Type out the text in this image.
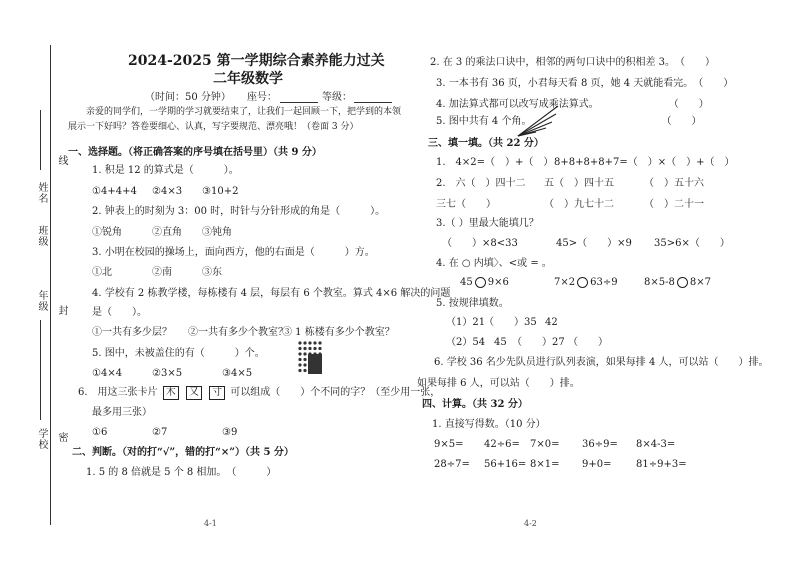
姓名
班级
年级
学校
线
封
密
2024-2025 第一学期综合素养能力过关
二年级数学
（时间：50 分钟） 座号：	等级：
亲爱的同学们，一学期的学习就要结束了，让我们一起回顾一下，把学到的本领
展示一下好吗？答卷要细心、认真，写字要规范、漂亮哦！（卷面 3 分）
一、选择题。（将正确答案的序号填在括号里）（共 9 分）
1. 积是 12 的算式是（　　　）。
①4+4+4 ②4×3 ③10+2
2. 钟表上的时刻为 3：00 时，时针与分针形成的角是（　　　）。
①锐角	②直角 ③钝角
3. 小明在校园的操场上，面向西方，他的右面是（　　　）方。
①北	②南	③东
4. 学校有 2 栋教学楼，每栋楼有 4 层，每层有 6 个教室。算式 4×6 解决的问题
是（　　）。
①一共有多少层？ ②一共有多少个教室？
③ 1 栋楼有多少个教室？
5. 图中，未被盖住的有（　　　）个。
①4×4	②3×5	③4×5
6.　用这三张卡片 木 又 寸 可以组成（　　）个不同的字？（至少用一张，
最多用三张）
①6	②7	③9
二、判断。（对的打“√”，错的打“×”）（共 5 分）
1. 5 的 8 倍就是 5 个 8 相加。　（　　　）
4-1
2. 在 3 的乘法口诀中，相邻的两句口诀中的积相差 3。　（　　）
3. 一本书有 36 页，小君每天看 8 页，她 4 天就能看完。　（　　）
4. 加法算式都可以改写成乘法算式。　　　　　　　　（　　）
5. 图中共有 4 个角。　　　　　　　　　　　　　　（　　）
三、填一填。（共 22 分）
1.　4×2=（　）+（　） 8+8+8+8+7=（　）×（　）+（　）
2.　六（　）四十二 五（　）四十五	（　）五十六
三七（　　）	（　）九七十二	（　）二十一
3.（ ）里最大能填几？
（　　）×8<33	45>（　　）×9 35>6×（　　）
4. 在 ○ 内填〉、<或 = 。
45 9×6	7×2 63÷9	8×5-8 8×7
5. 按规律填数。
（1）21
（　　） 35 42
（2）54 45 （　　） 27 （　　）
6. 学校 36 名少先队员进行队列表演，如果每排 4 人，可以站（　　）排。
如果每排 6 人，可以站（　　）排。
四、计算。（共 32 分）
1. 直接写得数。（10 分）
9×5= 42÷6= 7×0= 36÷9= 8×4-3=
28÷7= 56+16= 8×1= 9+0= 81÷9+3=
4-2
